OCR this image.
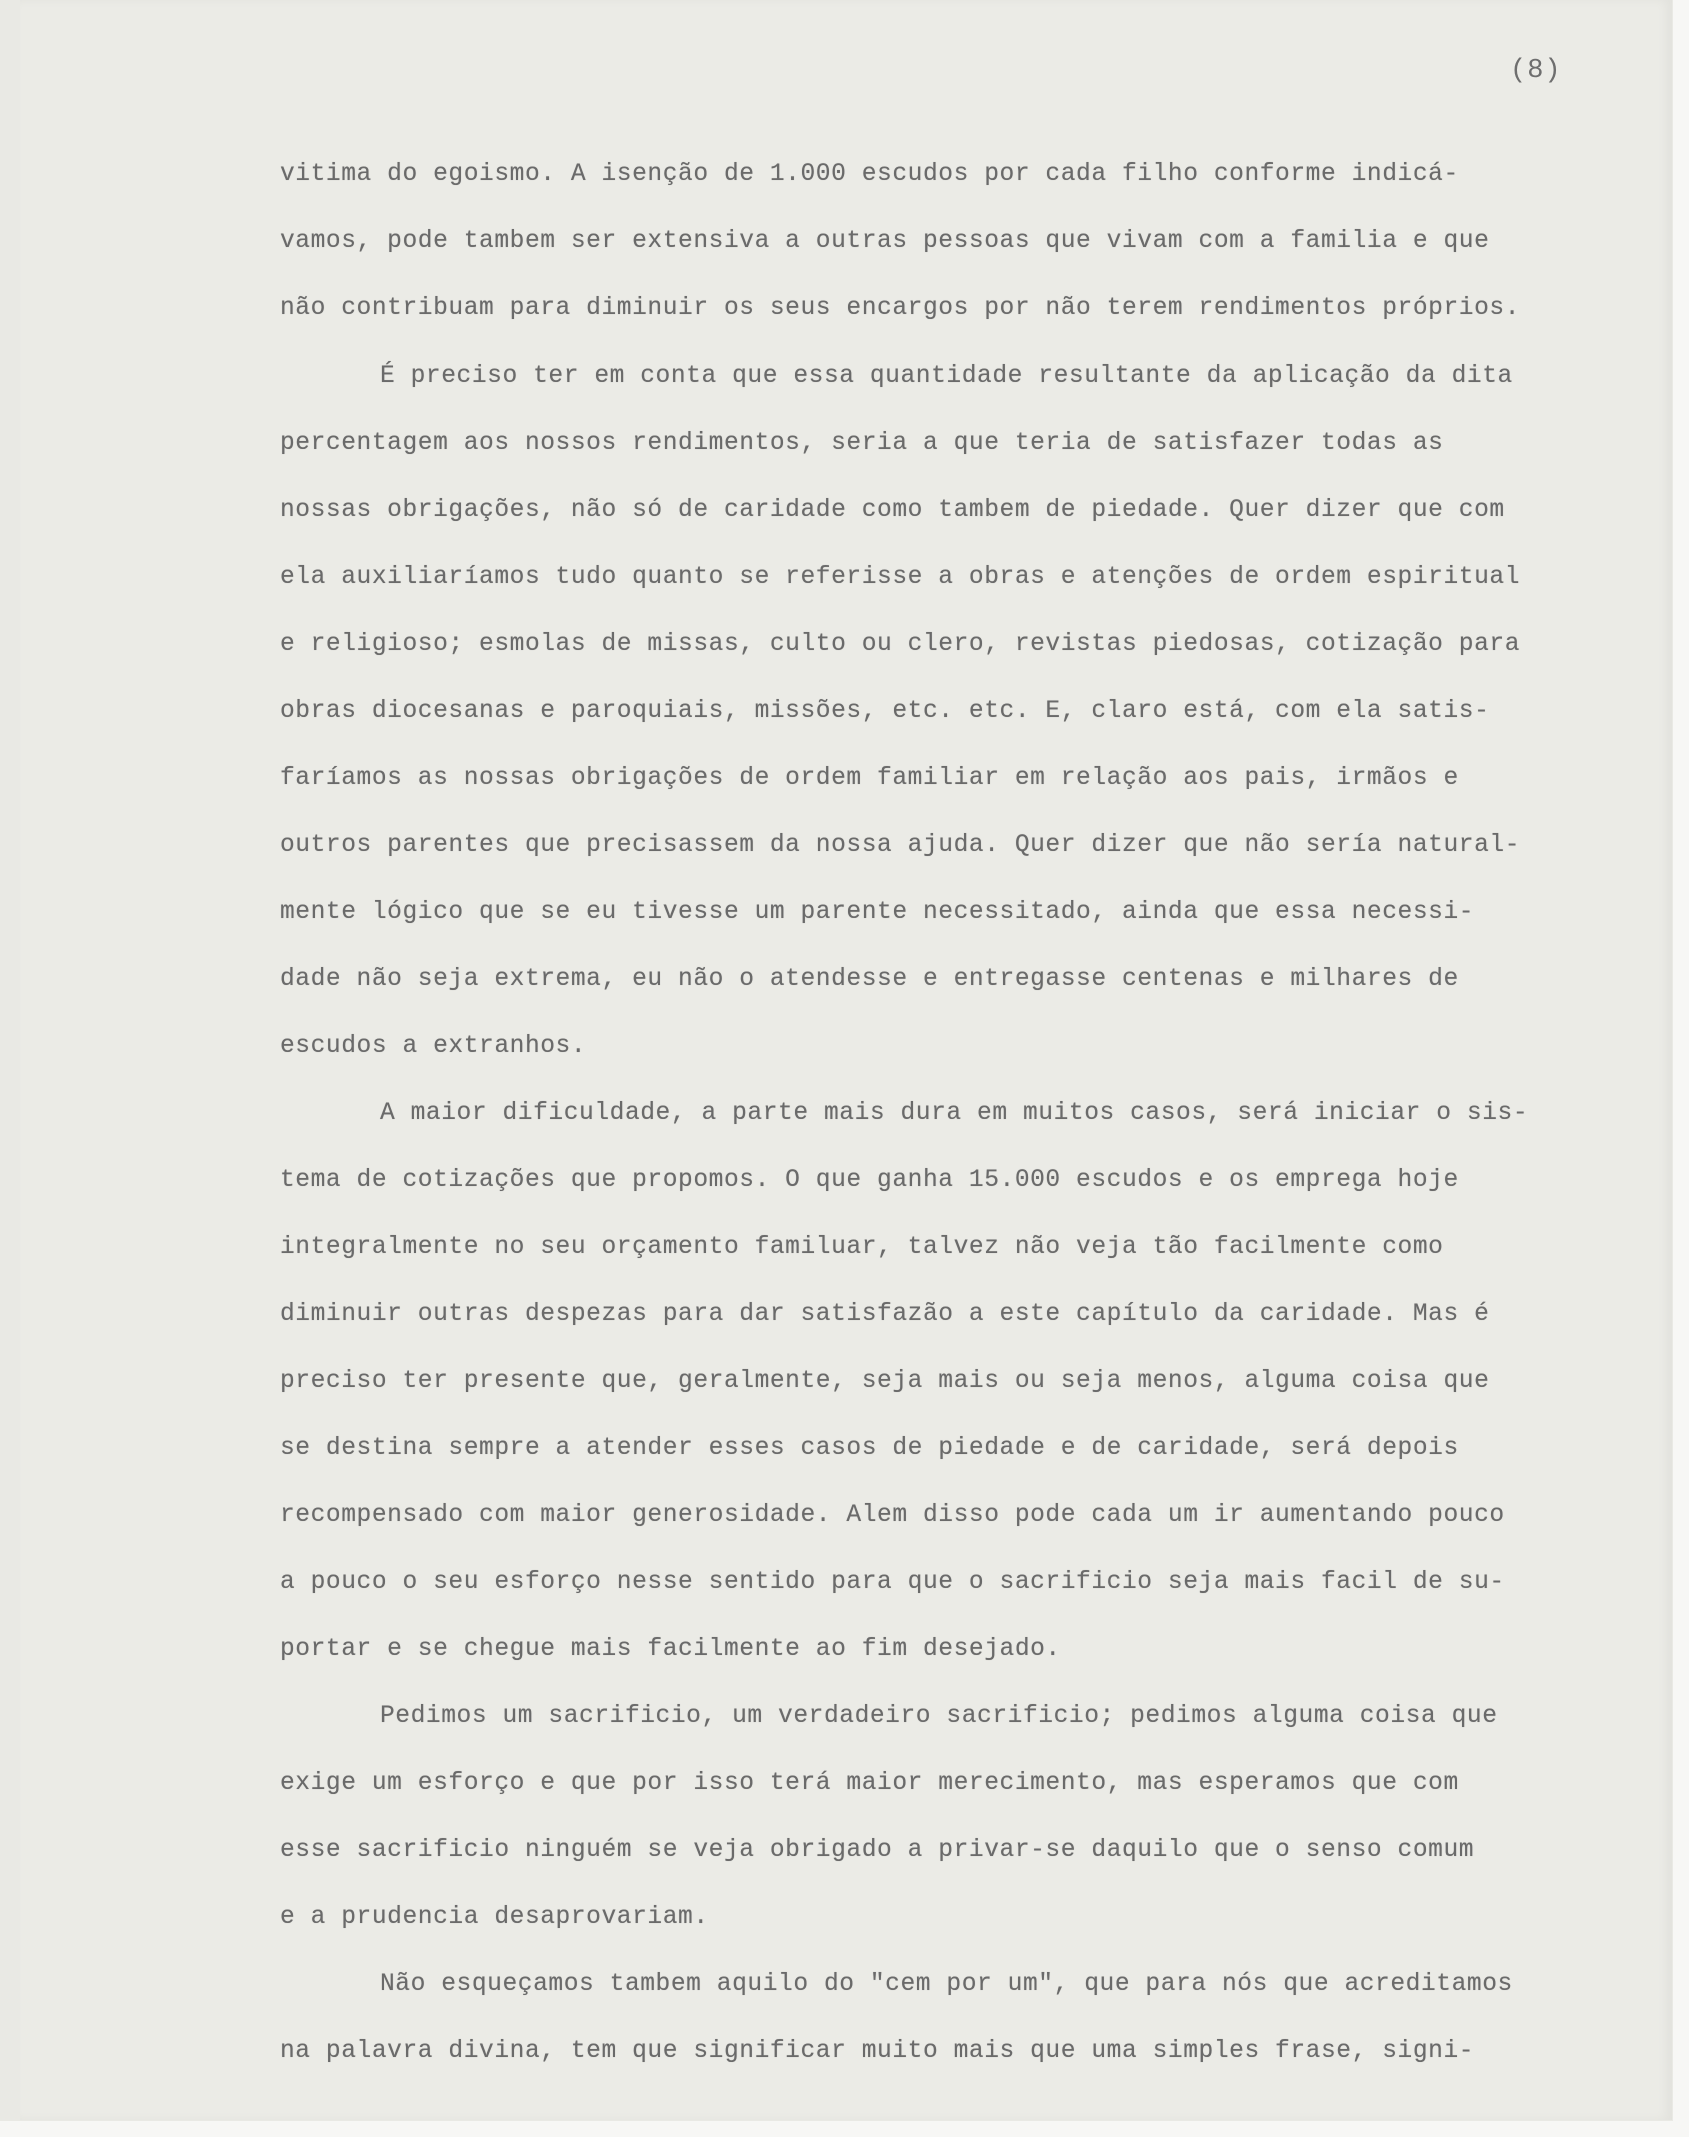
(8)
vitima do egoismo. A isenção de 1.000 escudos por cada filho conforme indicá-
vamos, pode tambem ser extensiva a outras pessoas que vivam com a familia e que
não contribuam para diminuir os seus encargos por não terem rendimentos próprios.
É preciso ter em conta que essa quantidade resultante da aplicação da dita
percentagem aos nossos rendimentos, seria a que teria de satisfazer todas as
nossas obrigações, não só de caridade como tambem de piedade. Quer dizer que com
ela auxiliaríamos tudo quanto se referisse a obras e atenções de ordem espiritual
e religioso; esmolas de missas, culto ou clero, revistas piedosas, cotização para
obras diocesanas e paroquiais, missões, etc. etc. E, claro está, com ela satis-
faríamos as nossas obrigações de ordem familiar em relação aos pais, irmãos e
outros parentes que precisassem da nossa ajuda. Quer dizer que não sería natural-
mente lógico que se eu tivesse um parente necessitado, ainda que essa necessi-
dade não seja extrema, eu não o atendesse e entregasse centenas e milhares de
escudos a extranhos.
A maior dificuldade, a parte mais dura em muitos casos, será iniciar o sis-
tema de cotizações que propomos. O que ganha 15.000 escudos e os emprega hoje
integralmente no seu orçamento familuar, talvez não veja tão facilmente como
diminuir outras despezas para dar satisfazão a este capítulo da caridade. Mas é
preciso ter presente que, geralmente, seja mais ou seja menos, alguma coisa que
se destina sempre a atender esses casos de piedade e de caridade, será depois
recompensado com maior generosidade. Alem disso pode cada um ir aumentando pouco
a pouco o seu esforço nesse sentido para que o sacrificio seja mais facil de su-
portar e se chegue mais facilmente ao fim desejado.
Pedimos um sacrificio, um verdadeiro sacrificio; pedimos alguma coisa que
exige um esforço e que por isso terá maior merecimento, mas esperamos que com
esse sacrificio ninguém se veja obrigado a privar-se daquilo que o senso comum
e a prudencia desaprovariam.
Não esqueçamos tambem aquilo do "cem por um", que para nós que acreditamos
na palavra divina, tem que significar muito mais que uma simples frase, signi-
